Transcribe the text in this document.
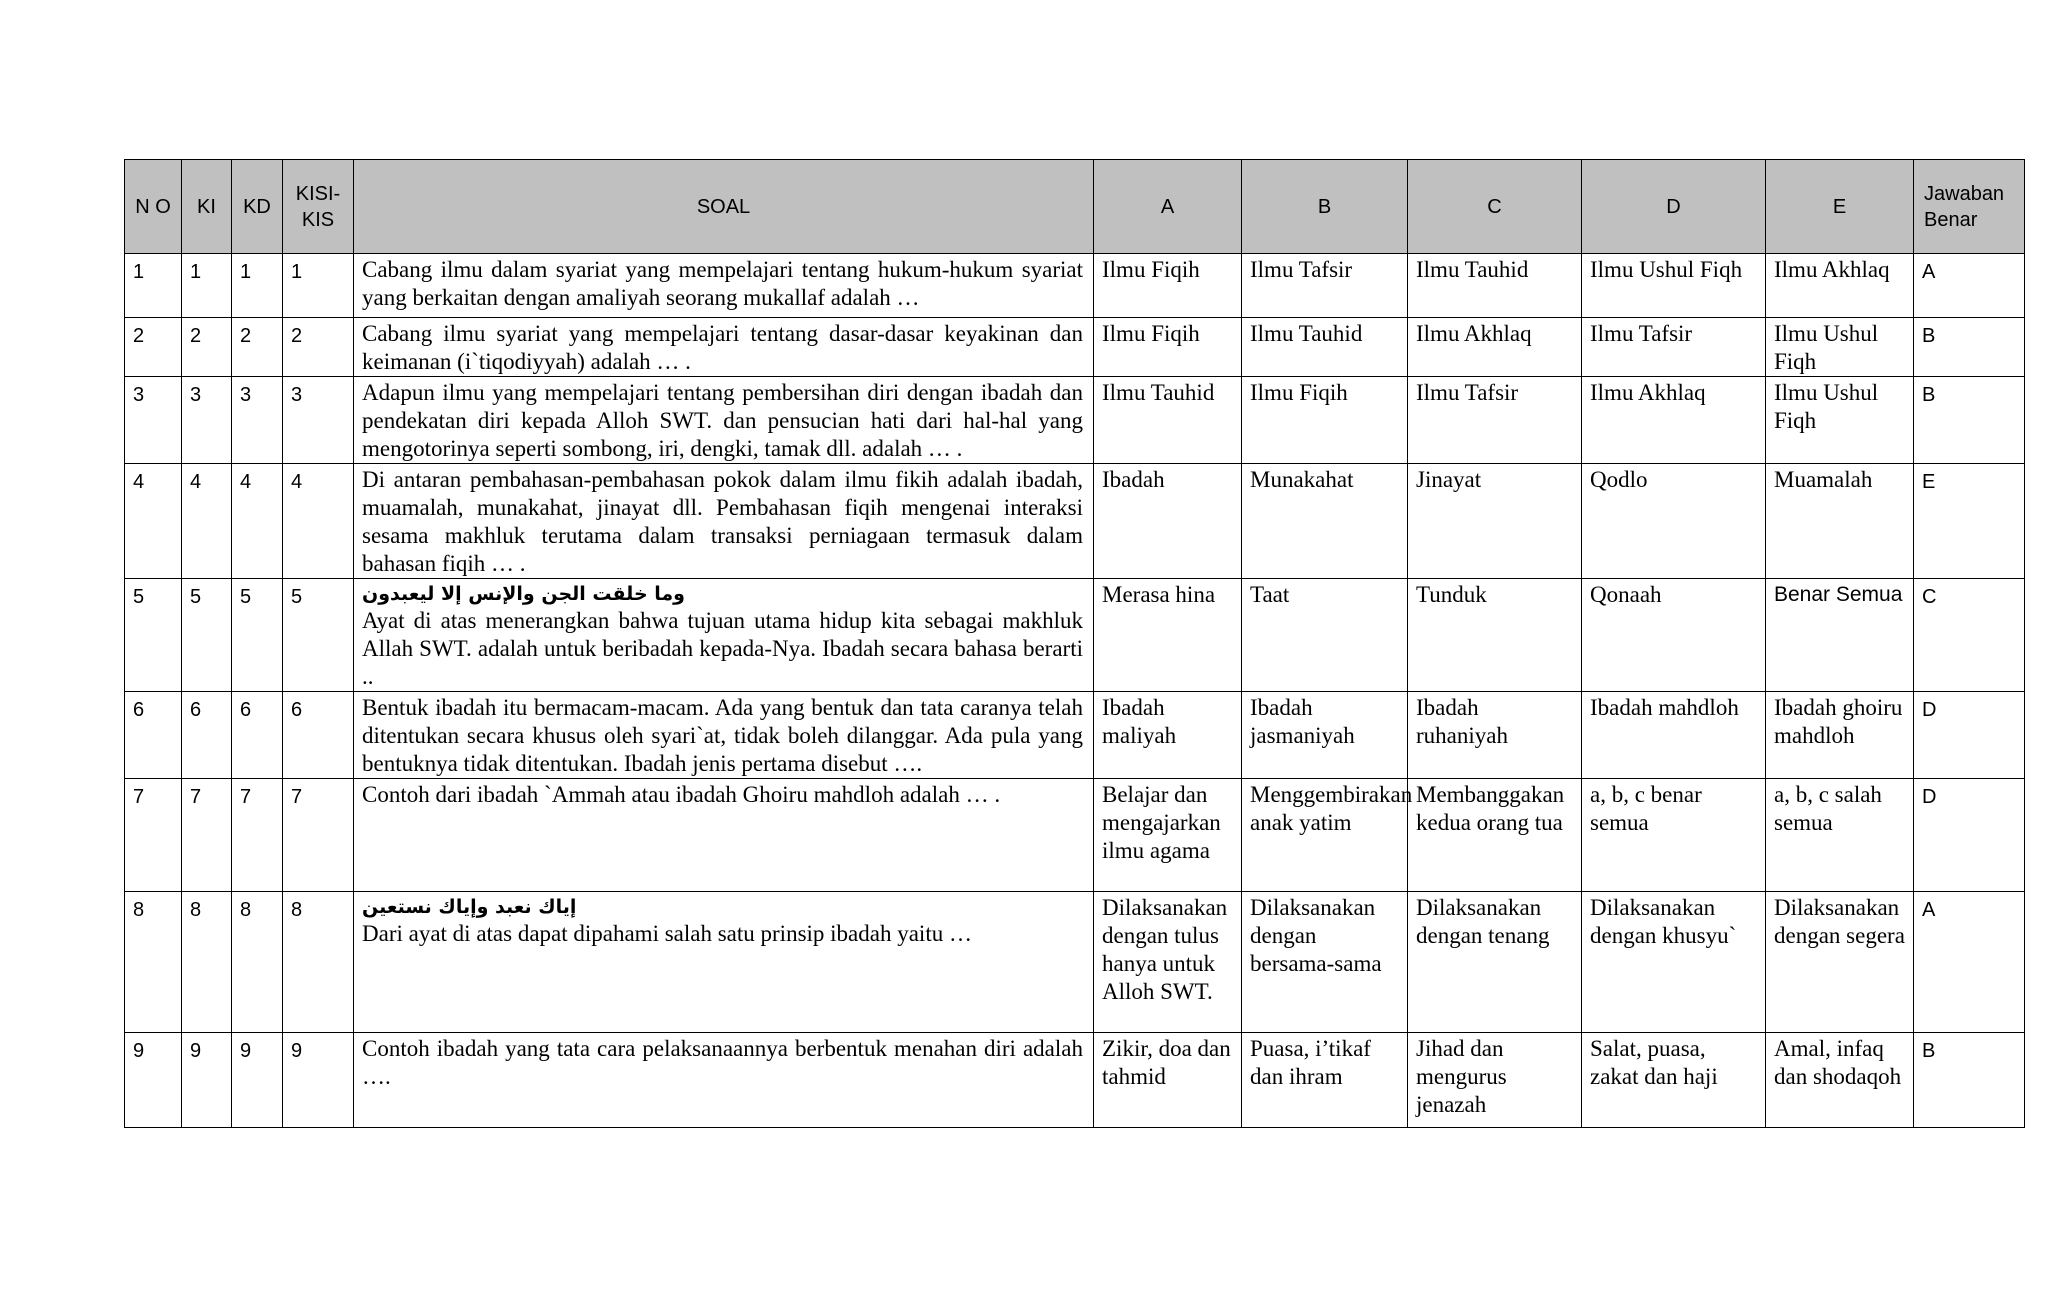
N O	KI	KD	KISI-KIS	SOAL	A	B	C	D	E	Jawaban Benar
1	1	1	1	Cabang ilmu dalam syariat yang mempelajari tentang hukum-hukum syariat yang berkaitan dengan amaliyah seorang mukallaf adalah …	Ilmu Fiqih	Ilmu Tafsir	Ilmu Tauhid	Ilmu Ushul Fiqh	Ilmu Akhlaq	A
2	2	2	2	Cabang ilmu syariat yang mempelajari tentang dasar-dasar keyakinan dan keimanan (i`tiqodiyyah) adalah … .	Ilmu Fiqih	Ilmu Tauhid	Ilmu Akhlaq	Ilmu Tafsir	Ilmu Ushul Fiqh	B
3	3	3	3	Adapun ilmu yang mempelajari tentang pembersihan diri dengan ibadah dan pendekatan diri kepada Alloh SWT. dan pensucian hati dari hal-hal yang mengotorinya seperti sombong, iri, dengki, tamak dll. adalah … .	Ilmu Tauhid	Ilmu Fiqih	Ilmu Tafsir	Ilmu Akhlaq	Ilmu Ushul Fiqh	B
4	4	4	4	Di antaran pembahasan-pembahasan pokok dalam ilmu fikih adalah ibadah, muamalah, munakahat, jinayat dll. Pembahasan fiqih mengenai interaksi sesama makhluk terutama dalam transaksi perniagaan termasuk dalam bahasan fiqih … .	Ibadah	Munakahat	Jinayat	Qodlo	Muamalah	E
5	5	5	5	وما خلقت الجن والإنس إلا ليعبدون
Ayat di atas menerangkan bahwa tujuan utama hidup kita sebagai makhluk Allah SWT. adalah untuk beribadah kepada-Nya. Ibadah secara bahasa berarti ..	Merasa hina	Taat	Tunduk	Qonaah	Benar Semua	C
6	6	6	6	Bentuk ibadah itu bermacam-macam. Ada yang bentuk dan tata caranya telah ditentukan secara khusus oleh syari`at, tidak boleh dilanggar. Ada pula yang bentuknya tidak ditentukan. Ibadah jenis pertama disebut ….	Ibadah maliyah	Ibadah jasmaniyah	Ibadah ruhaniyah	Ibadah mahdloh	Ibadah ghoiru mahdloh	D
7	7	7	7	Contoh dari ibadah `Ammah atau ibadah Ghoiru mahdloh adalah … .	Belajar dan mengajarkan ilmu agama	Menggembirakan anak yatim	Membanggakan kedua orang tua	a, b, c benar semua	a, b, c salah semua	D
8	8	8	8	إياك نعبد وإياك نستعين
Dari ayat di atas dapat dipahami salah satu prinsip ibadah yaitu …	Dilaksanakan dengan tulus hanya untuk Alloh SWT.	Dilaksanakan dengan bersama-sama	Dilaksanakan dengan tenang	Dilaksanakan dengan khusyu`	Dilaksanakan dengan segera	A
9	9	9	9	Contoh ibadah yang tata cara pelaksanaannya berbentuk menahan diri adalah ….	Zikir, doa dan tahmid	Puasa, i’tikaf dan ihram	Jihad dan mengurus jenazah	Salat, puasa, zakat dan haji	Amal, infaq dan shodaqoh	B
